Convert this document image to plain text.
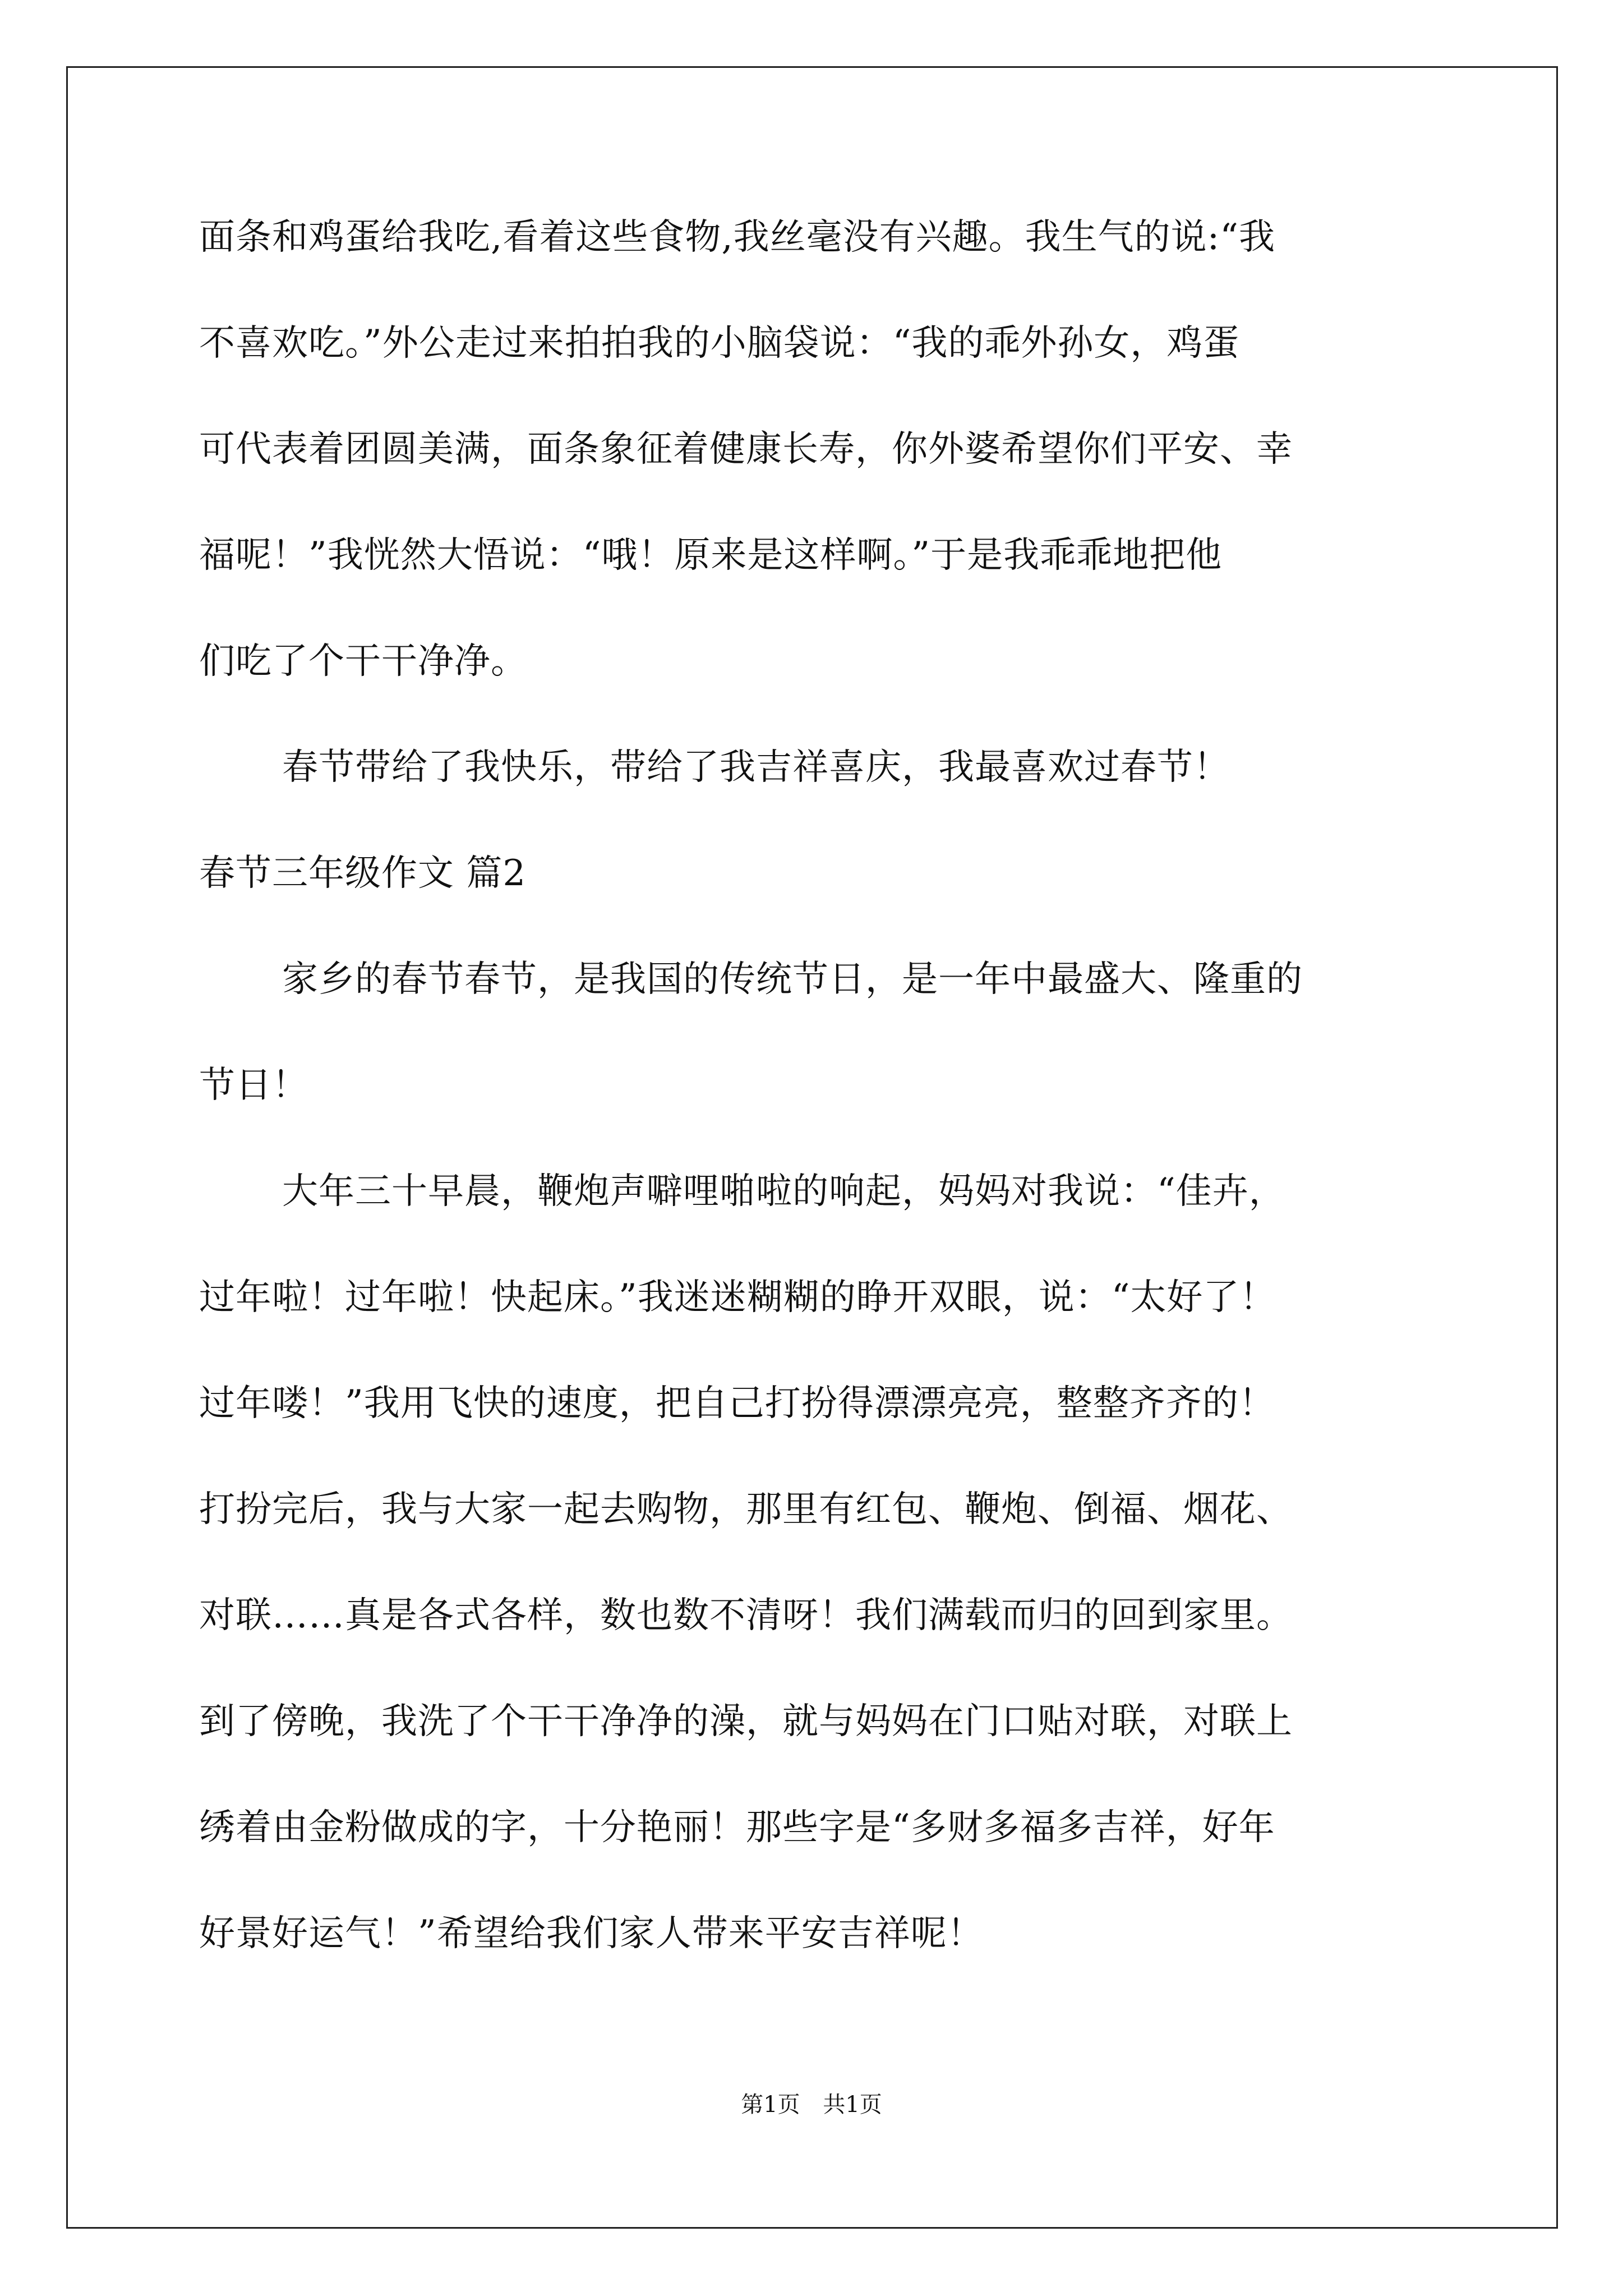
面条和鸡蛋给我吃,看着这些食物,我丝毫没有兴趣。我生气的说:“我
不喜欢吃。”外公走过来拍拍我的小脑袋说：“我的乖外孙女，鸡蛋
可代表着团圆美满，面条象征着健康长寿，你外婆希望你们平安、幸
福呢！”我恍然大悟说：“哦！原来是这样啊。”于是我乖乖地把他
们吃了个干干净净。
春节带给了我快乐，带给了我吉祥喜庆，我最喜欢过春节！
春节三年级作文 篇2
家乡的春节春节，是我国的传统节日，是一年中最盛大、隆重的
节日！
大年三十早晨，鞭炮声噼哩啪啦的响起，妈妈对我说：“佳卉，
过年啦！过年啦！快起床。”我迷迷糊糊的睁开双眼，说：“太好了！
过年喽！”我用飞快的速度，把自己打扮得漂漂亮亮，整整齐齐的！
打扮完后，我与大家一起去购物，那里有红包、鞭炮、倒福、烟花、
对联……真是各式各样，数也数不清呀！我们满载而归的回到家里。
到了傍晚，我洗了个干干净净的澡，就与妈妈在门口贴对联，对联上
绣着由金粉做成的字，十分艳丽！那些字是“多财多福多吉祥，好年
好景好运气！”希望给我们家人带来平安吉祥呢！
第1页 共1页
